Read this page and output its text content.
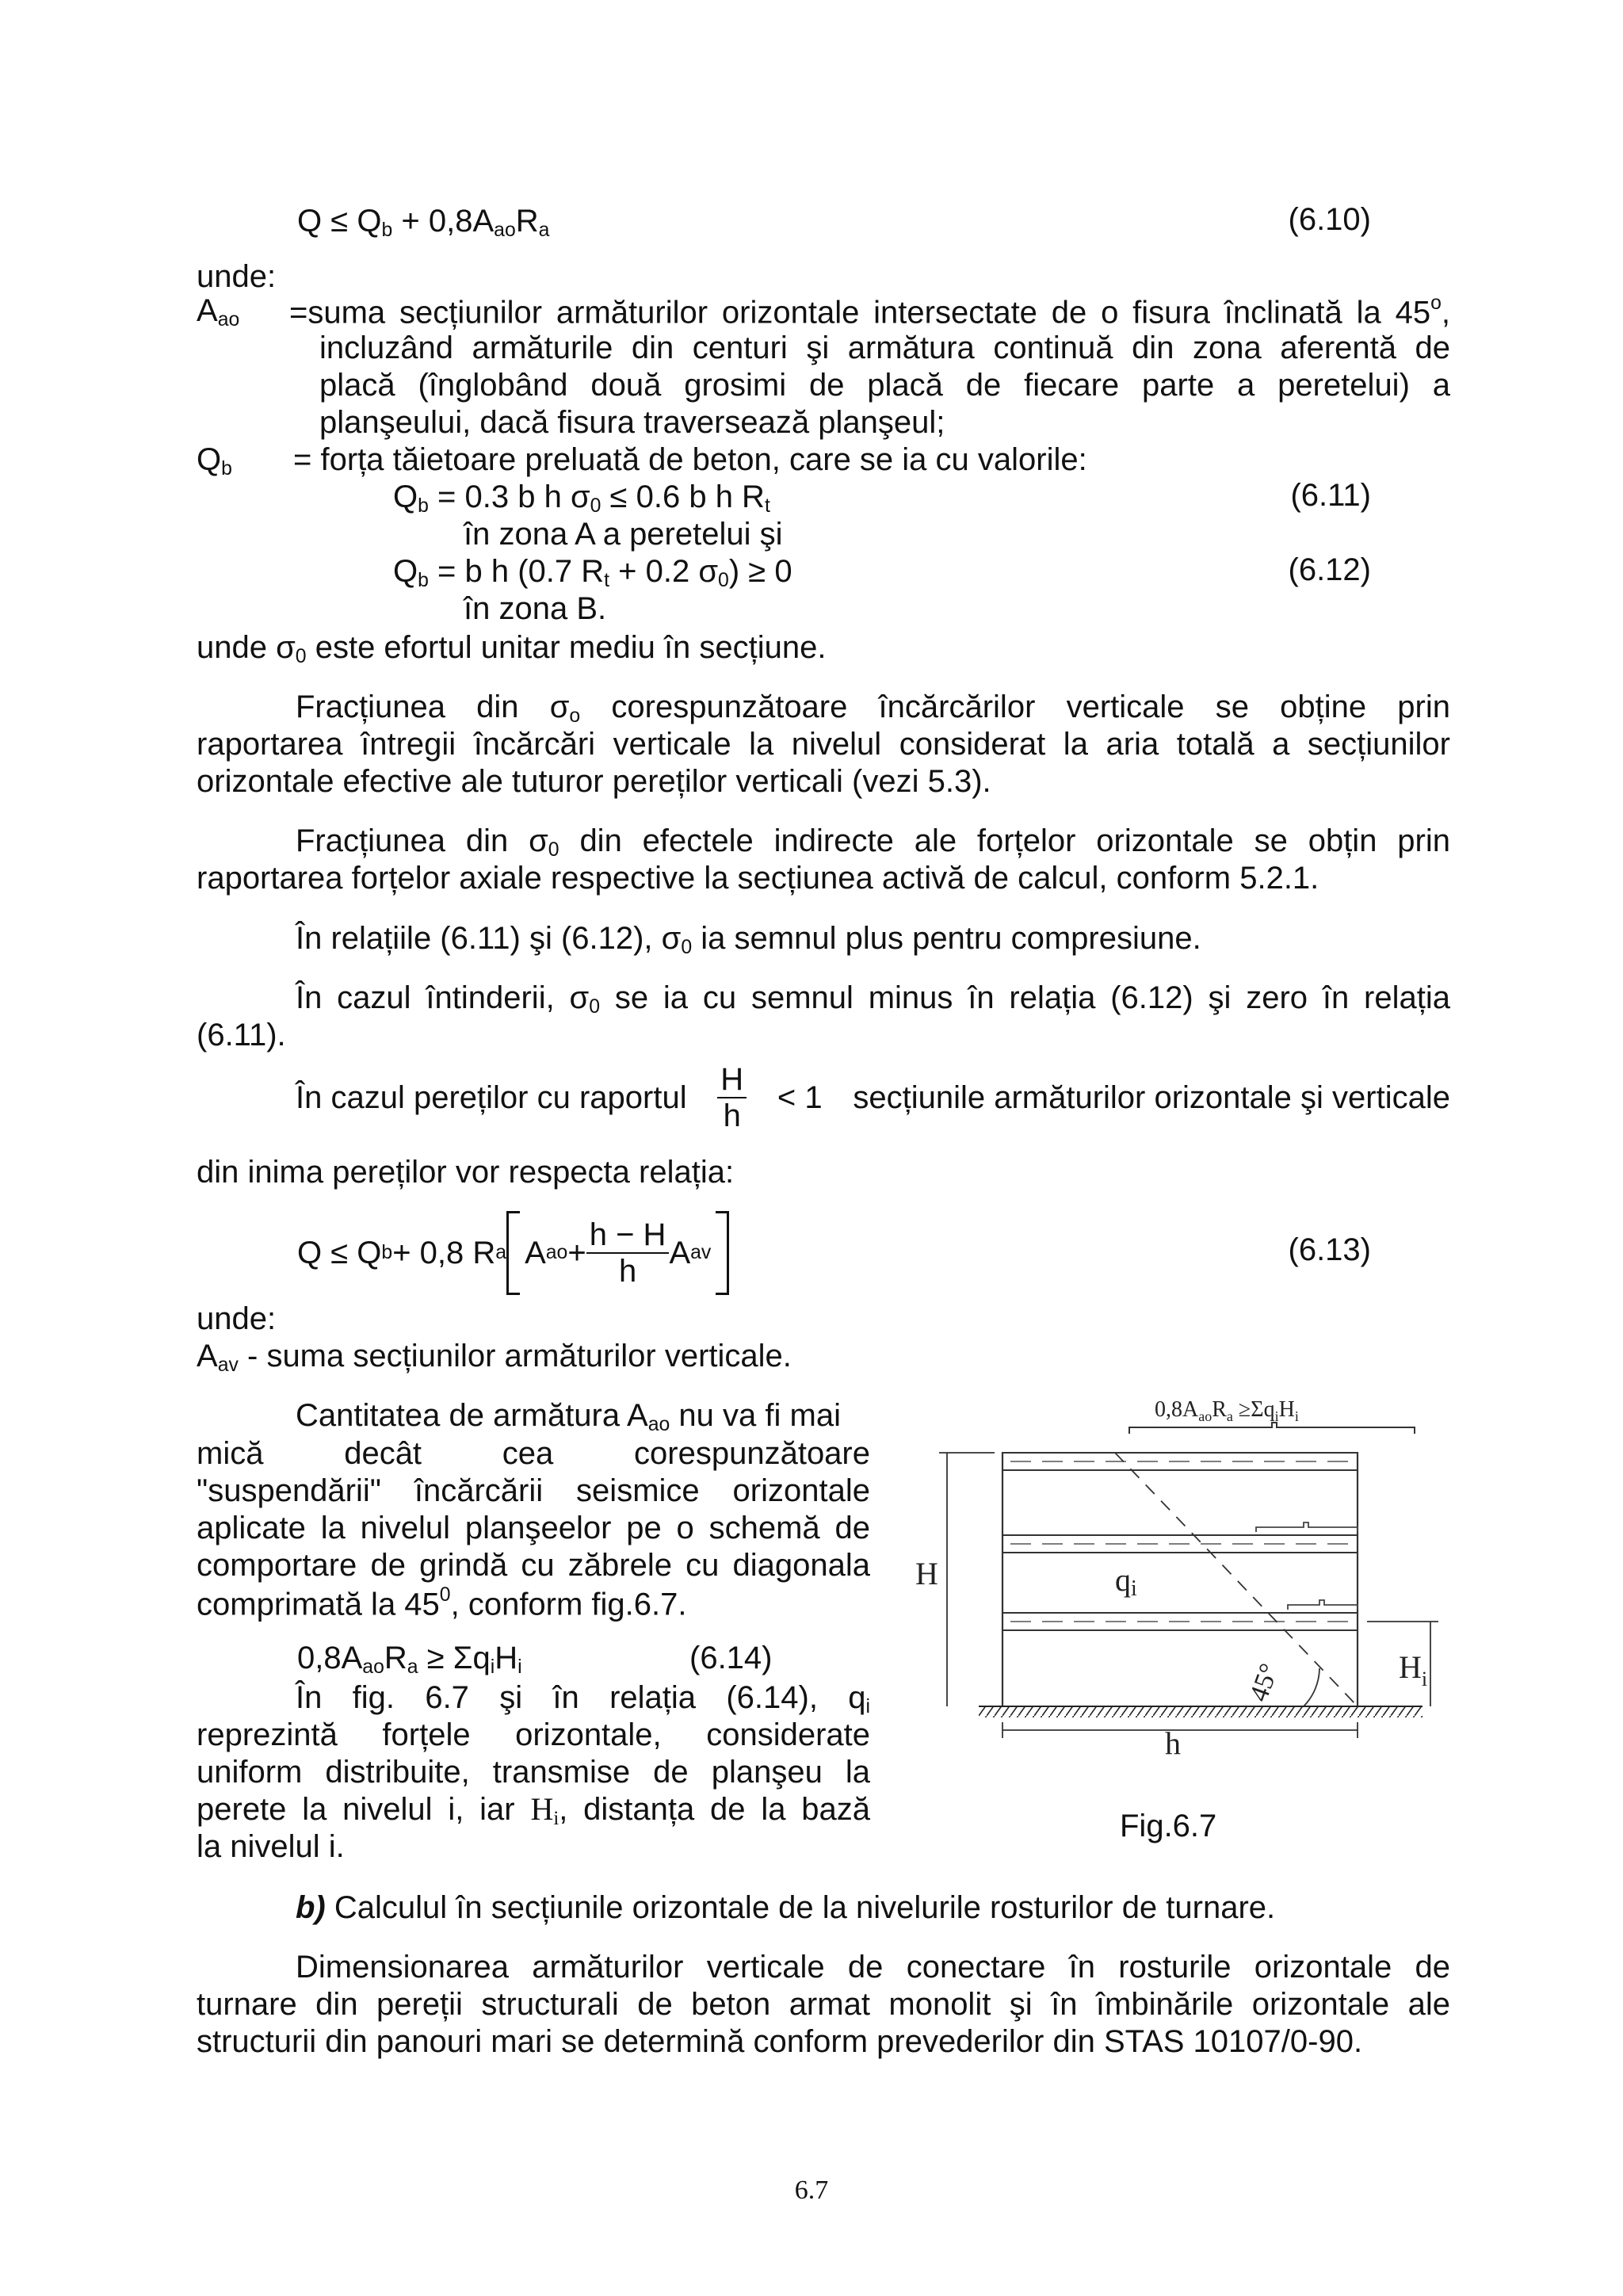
$Q \le Q_b + 0,8A_{ao}R_a$	(6.10)
unde:
$A_{ao}$ =suma secțiunilor armăturilor orizontale intersectate de o fisura înclinată la 45$^o$,
incluzând armăturile din centuri şi armătura continuă din zona aferentă de
placă (înglobând două grosimi de placă de fiecare parte a peretelui) a
planşeului, dacă fisura traversează planşeul;
$Q_b$ = forța tăietoare preluată de beton, care se ia cu valorile:
$Q_b = 0.3$ b h $\sigma_0 \le 0.6$ b h $R_t$	(6.11)
în zona A a peretelui şi
$Q_b = b$ h (0.7 $R_t + 0.2$ $\sigma_0) \ge 0$	(6.12)
în zona B.
unde $\sigma_0$ este efortul unitar mediu în secțiune.
Fracțiunea din $\sigma_o$ corespunzătoare încărcărilor verticale se obține prin
raportarea întregii încărcări verticale la nivelul considerat la aria totală a secțiunilor
orizontale efective ale tuturor pereților verticali (vezi 5.3).
Fracțiunea din $\sigma_0$ din efectele indirecte ale forțelor orizontale se obțin prin
raportarea forțelor axiale respective la secțiunea activă de calcul, conform 5.2.1.
În relațiile (6.11) şi (6.12), $\sigma_0$ ia semnul plus pentru compresiune.
În cazul întinderii, $\sigma_0$ se ia cu semnul minus în relația (6.12) şi zero în relația
(6.11).
În cazul pereților cu raportul $\frac{H}{h} < 1$ secțiunile armăturilor orizontale şi verticale
din inima pereților vor respecta relația:
Q ≤ Q b + 0,8 R a A ao + $\frac{h - H}{h}$ A av	(6.13)
unde:
$A_{av}$ - suma secțiunilor armăturilor verticale.
Cantitatea de armătura $A_{ao}$ nu va fi mai
mică decât cea corespunzătoare
"suspendării" încărcării seismice orizontale
aplicate la nivelul planşeelor pe o schemă de
comportare de grindă cu zăbrele cu diagonala
comprimată la $45^0$, conform fig.6.7.
$0,8A_{ao}R_a \ge \Sigma q_iH_i$	(6.14)
În fig. 6.7 şi în relația (6.14), $q_i$
reprezintă forțele orizontale, considerate
uniform distribuite, transmise de planşeu la
perete la nivelul i, iar $H_i$, distanța de la bază
la nivelul i.
$0,8A_{ao}R_a \ge\Sigma q_iH_i$
H
$H_i$
qi
45°
h
Fig.6.7
b) Calculul în secțiunile orizontale de la nivelurile rosturilor de turnare.
Dimensionarea armăturilor verticale de conectare în rosturile orizontale de
turnare din pereții structurali de beton armat monolit şi în îmbinările orizontale ale
structurii din panouri mari se determină conform prevederilor din STAS 10107/0-90.
6.7
